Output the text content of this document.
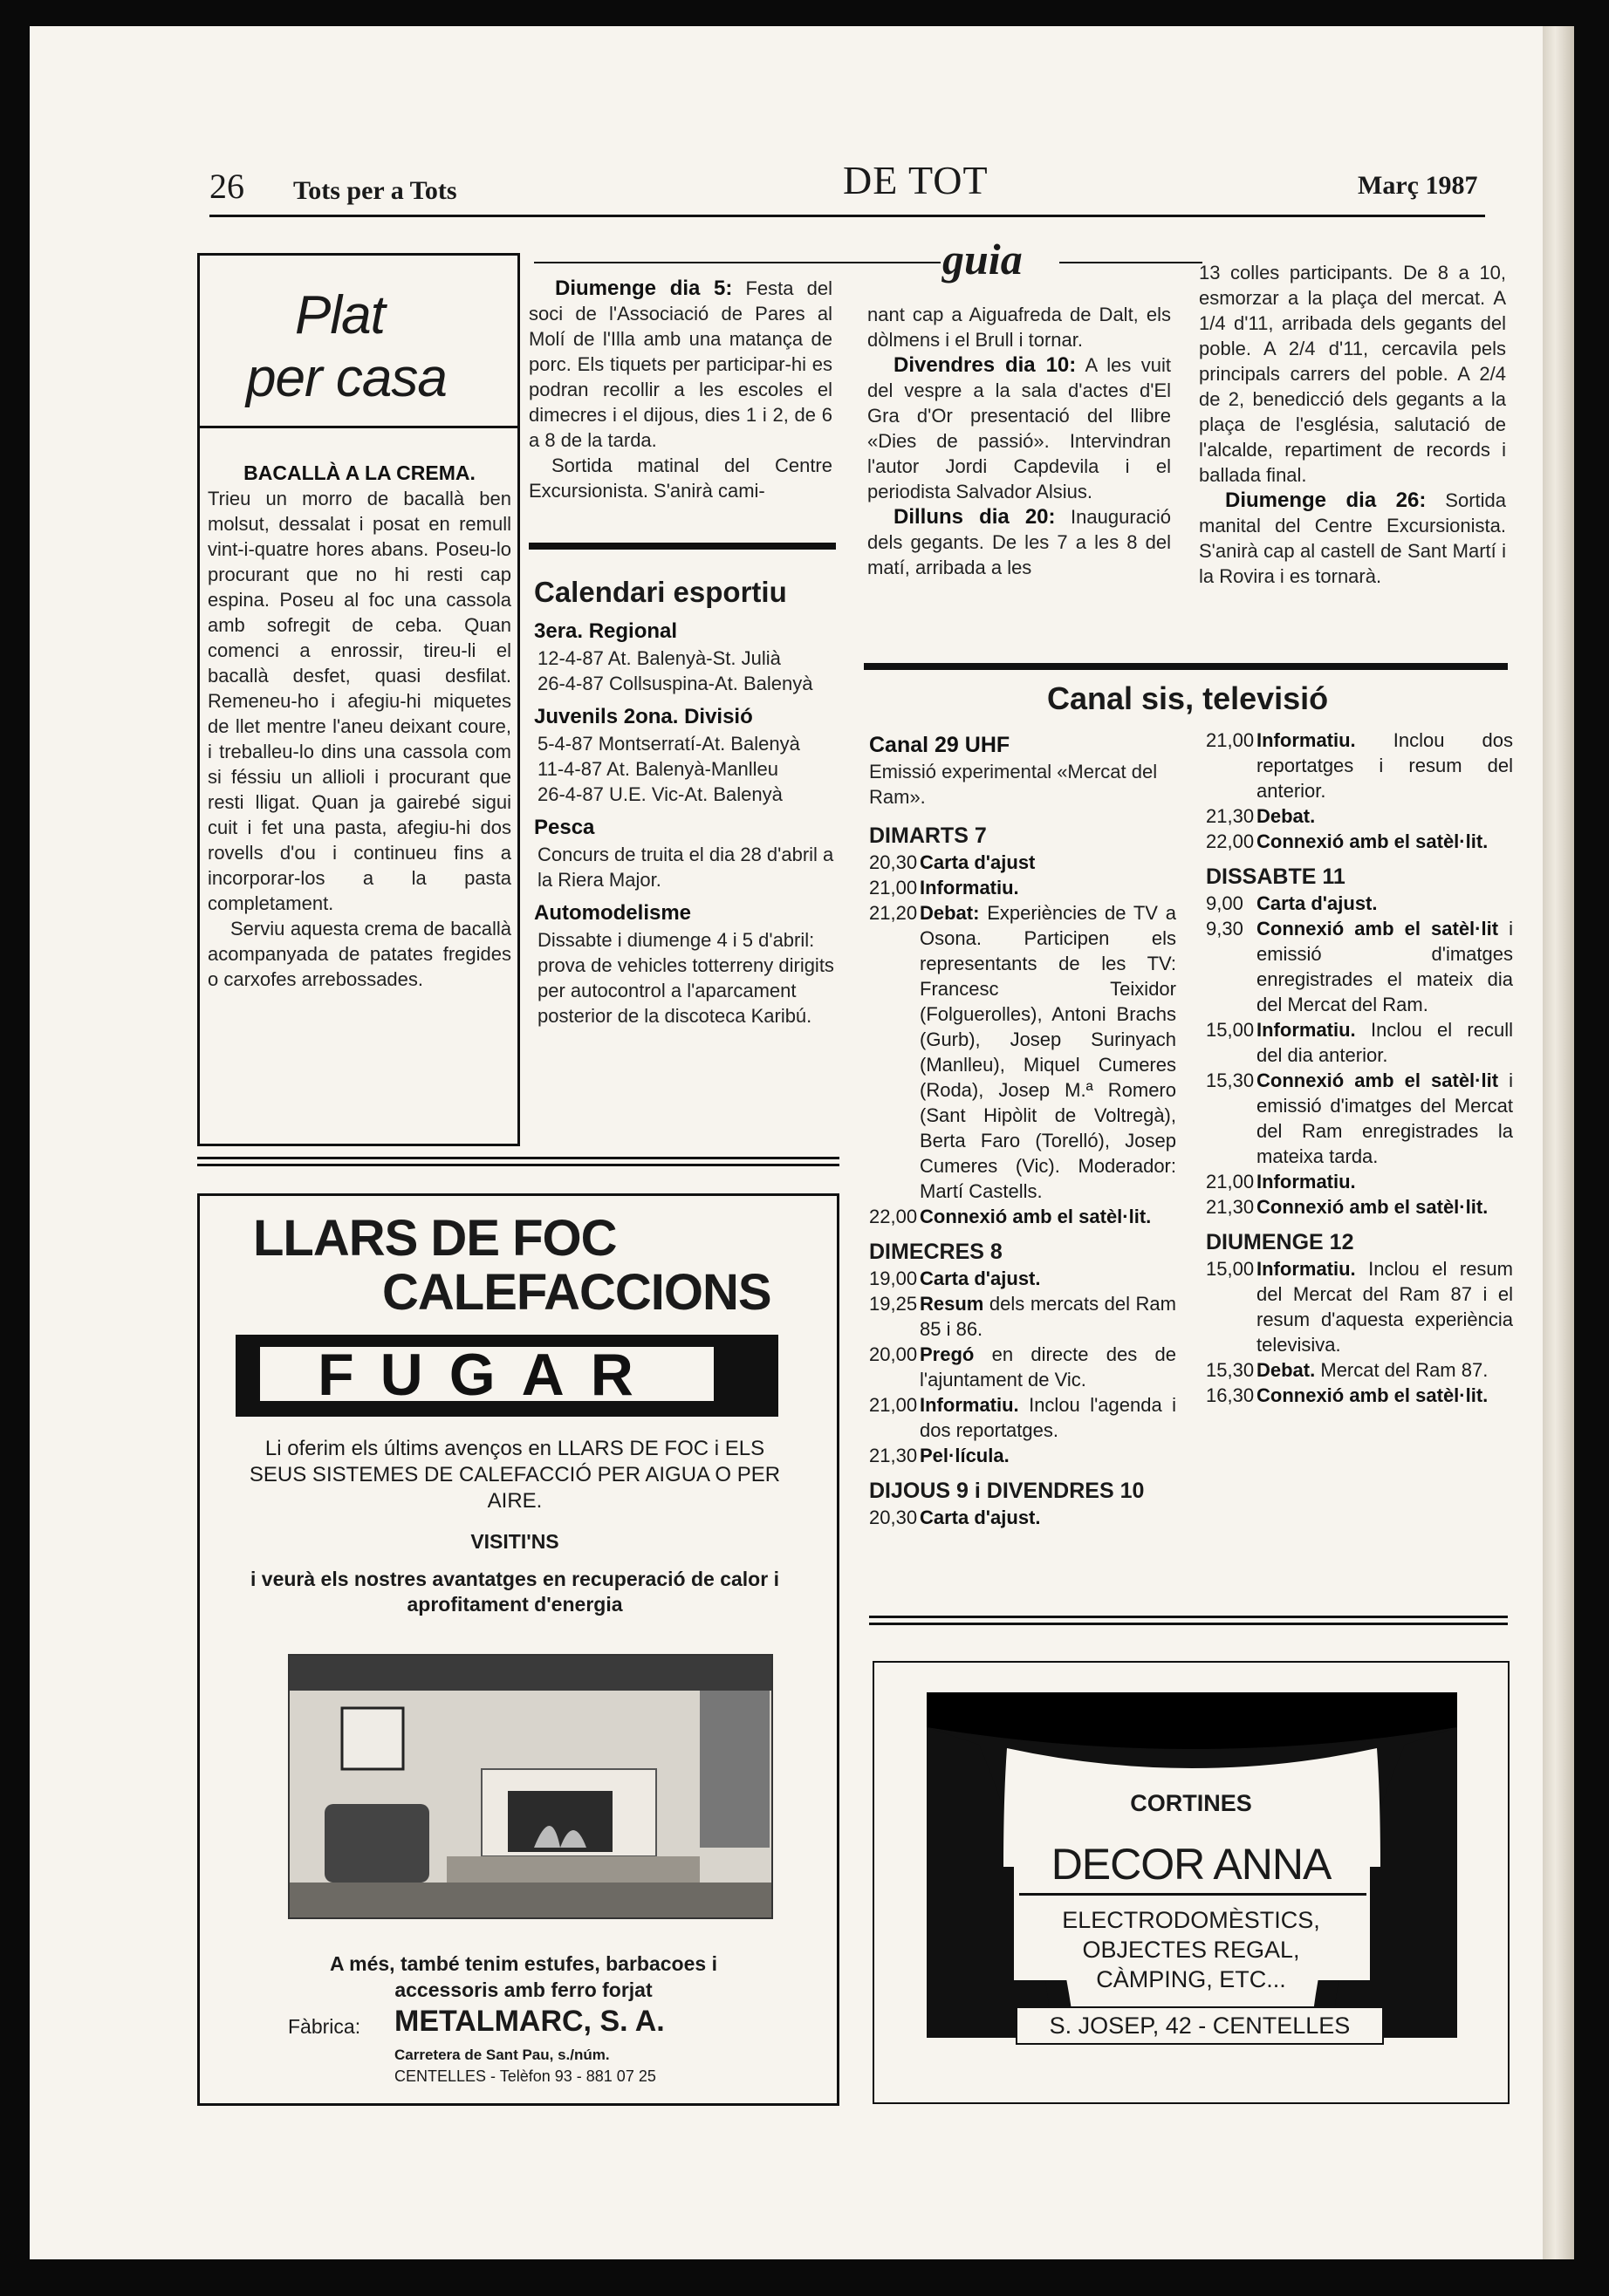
26 Tots per a Tots	DE TOT	Març 1987
Plat
per casa

BACALLÀ A LA CREMA.

Trieu un morro de bacallà ben molsut, dessalat i posat en remull vint-i-quatre hores abans. Poseu-lo procurant que no hi resti cap espina. Poseu al foc una cassola amb sofregit de ceba. Quan comenci a enrossir, tireu-li el bacallà desfet, quasi desfilat. Remeneu-ho i afegiu-hi miquetes de llet mentre l'aneu deixant coure, i treballeu-lo dins una cassola com si féssiu un allioli i procurant que resti lligat. Quan ja gairebé sigui cuit i fet una pasta, afegiu-hi dos rovells d'ou i continueu fins a incorporar-los a la pasta completament.

Serviu aquesta crema de bacallà acompanyada de patates fregides o carxofes arrebossades.

guia

Diumenge dia 5: Festa del soci de l'Associació de Pares al Molí de l'Illa amb una matança de porc. Els tiquets per participar-hi es podran recollir a les escoles el dimecres i el dijous, dies 1 i 2, de 6 a 8 de la tarda.

Sortida matinal del Centre Excursionista. S'anirà cami-

nant cap a Aiguafreda de Dalt, els dòlmens i el Brull i tornar.

Divendres dia 10: A les vuit del vespre a la sala d'actes d'El Gra d'Or presentació del llibre «Dies de passió». Intervindran l'autor Jordi Capdevila i el periodista Salvador Alsius.

Dilluns dia 20: Inauguració dels gegants. De les 7 a les 8 del matí, arribada a les

13 colles participants. De 8 a 10, esmorzar a la plaça del mercat. A 1/4 d'11, arribada dels gegants del poble. A 2/4 d'11, cercavila pels principals carrers del poble. A 2/4 de 2, benedicció dels gegants a la plaça de l'església, salutació de l'alcalde, repartiment de records i ballada final.

Diumenge dia 26: Sortida manital del Centre Excursionista. S'anirà cap al castell de Sant Martí i la Rovira i es tornarà.

Calendari esportiu
3era. Regional
12-4-87 At. Balenyà-St. Julià
26-4-87 Collsuspina-At. Balenyà
Juvenils 2ona. Divisió
5-4-87 Montserratí-At. Balenyà
11-4-87 At. Balenyà-Manlleu
26-4-87 U.E. Vic-At. Balenyà
Pesca
Concurs de truita el dia 28 d'abril a la Riera Major.
Automodelisme
Dissabte i diumenge 4 i 5 d'abril: prova de vehicles totterreny dirigits per autocontrol a l'aparcament posterior de la discoteca Karibú.
Canal sis, televisió
Canal 29 UHF
Emissió experimental «Mercat del Ram».
DIMARTS 7
20,30 Carta d'ajust
21,00 Informatiu.
21,20 Debat: Experiències de TV a Osona. Participen els representants de les TV: Francesc Teixidor (Folguerolles), Antoni Brachs (Gurb), Josep Surinyach (Manlleu), Miquel Cumeres (Roda), Josep M.ª Romero (Sant Hipòlit de Voltregà), Berta Faro (Torelló), Josep Cumeres (Vic). Moderador: Martí Castells.
22,00 Connexió amb el satèl·lit.
DIMECRES 8
19,00 Carta d'ajust.
19,25 Resum dels mercats del Ram 85 i 86.
20,00 Pregó en directe des de l'ajuntament de Vic.
21,00 Informatiu. Inclou l'agenda i dos reportatges.
21,30 Pel·lícula.
DIJOUS 9 i DIVENDRES 10
20,30 Carta d'ajust.
21,00 Informatiu. Inclou dos reportatges i resum del anterior.
21,30 Debat.
22,00 Connexió amb el satèl·lit.
DISSABTE 11
9,00 Carta d'ajust.
9,30 Connexió amb el satèl·lit i emissió d'imatges enregistrades el mateix dia del Mercat del Ram.
15,00 Informatiu. Inclou el recull del dia anterior.
15,30 Connexió amb el satèl·lit i emissió d'imatges del Mercat del Ram enregistrades la mateixa tarda.
21,00 Informatiu.
21,30 Connexió amb el satèl·lit.
DIUMENGE 12
15,00 Informatiu. Inclou el resum del Mercat del Ram 87 i el resum d'aquesta experiència televisiva.
15,30 Debat. Mercat del Ram 87.
16,30 Connexió amb el satèl·lit.
LLARS DE FOC
CALEFACCIONS
FUGAR
Li oferim els últims avenços en LLARS DE FOC i ELS SEUS SISTEMES DE CALEFACCIÓ PER AIGUA O PER AIRE.
VISITI'NS
i veurà els nostres avantatges en recuperació de calor i aprofitament d'energia
A més, també tenim estufes, barbacoes i accessoris amb ferro forjat
Fàbrica: METALMARC, S. A.
Carretera de Sant Pau, s./núm.
CENTELLES - Telèfon 93 - 881 07 25
CORTINES
DECOR ANNA
ELECTRODOMÈSTICS,
OBJECTES REGAL,
CÀMPING, ETC...
S. JOSEP, 42 - CENTELLES
